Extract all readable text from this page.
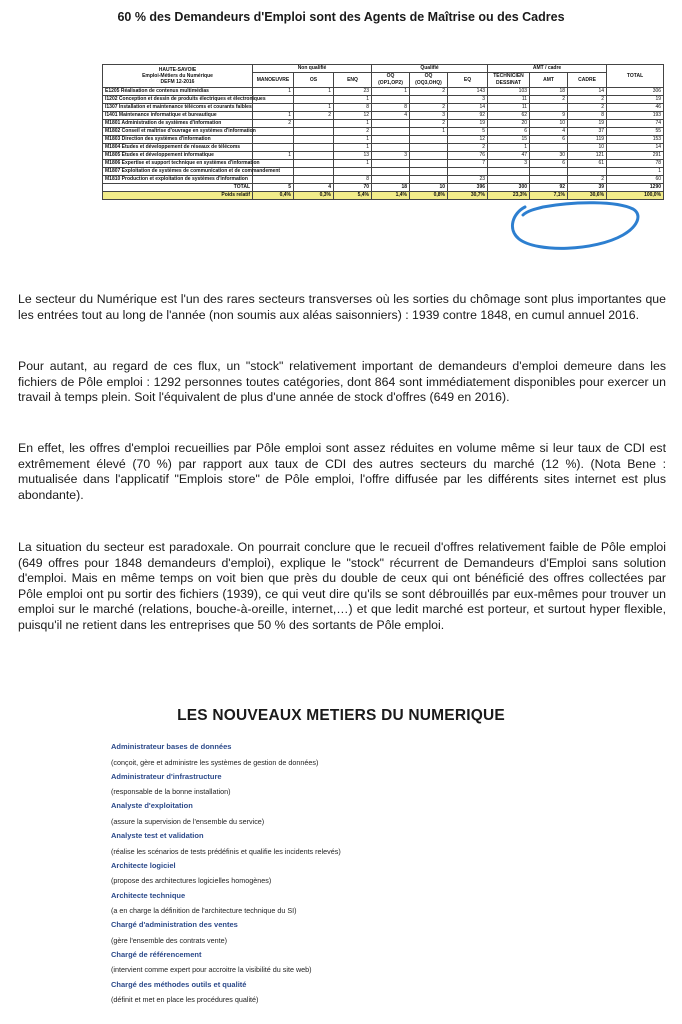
60 % des Demandeurs d'Emploi sont des Agents de Maîtrise ou des Cadres
HAUTE-SAVOIE
Emploi-Métiers du Numérique
DEFM 12-2016	Non qualifié			Qualifié			AMT / cadre			TOTAL
	MANOEUVRE	OS	ENQ	OQ (OP1,OP2)	OQ (OQ3,OHQ)	EQ	TECHNICIEN DESSINAT	AMT	CADRE	
E1205 Réalisation de contenus multimédias	1	1	23	1	2	143	103	18	14	306
I1202 Conception et dessin de produits électriques et électroniques			1			3	11	2	2	19
I1307 Installation et maintenance télécoms et courants faibles		1	8	8	2	14	11		2	46
I1401 Maintenance informatique et bureautique	1	2	12	4	3	92	62	9	8	193
M1801 Administration de systèmes d'information	2		1		2	19	20	10	19	74
M1802 Conseil et maîtrise d'ouvrage en systèmes d'information			2		1	5	6	4	37	55
M1803 Direction des systèmes d'information			1			12	15	6	119	153
M1804 Études et développement de réseaux de télécoms			1			2	1		10	14
M1805 Études et développement informatique	1		13	3		76	47	30	121	291
M1806 Expertise et support technique en systèmes d'information			1			7	3	6	61	78
M1807 Exploitation de systèmes de communication et de commandement										1
M1810 Production et exploitation de systèmes d'information			8			23			2	60
TOTAL	5	4	70	18	10	396	300	92	39	1290
Poids relatif	0,4%	0,3%	5,4%	1,4%	0,8%	30,7%	23,3%	7,1%	30,6%	100,0%
Le secteur du Numérique est l'un des rares secteurs transverses où les sorties du chômage sont plus importantes que les entrées tout au long de l'année (non soumis aux aléas saisonniers) : 1939 contre 1848, en cumul annuel 2016.
Pour autant, au regard de ces flux, un "stock" relativement important de demandeurs d'emploi demeure dans les fichiers de Pôle emploi : 1292 personnes toutes catégories, dont 864 sont immédiatement disponibles pour exercer un travail à temps plein. Soit l'équivalent de plus d'une année de stock d'offres (649 en 2016).
En effet, les offres d'emploi recueillies par Pôle emploi sont assez réduites en volume même si leur taux de CDI est extrêmement élevé (70 %) par rapport aux taux de CDI des autres secteurs du marché (12 %). (Nota Bene : mutualisée dans l'applicatif "Emplois store" de Pôle emploi, l'offre diffusée par les différents sites internet est plus abondante).
La situation du secteur est paradoxale. On pourrait conclure que le recueil d'offres relativement faible de Pôle emploi (649 offres pour 1848 demandeurs d'emploi), explique le "stock" récurrent de Demandeurs d'Emploi sans solution d'emploi. Mais en même temps on voit bien que près du double de ceux qui ont bénéficié des offres collectées par Pôle emploi ont pu sortir des fichiers (1939), ce qui veut dire qu'ils se sont débrouillés par eux-mêmes pour trouver un emploi sur le marché (relations, bouche-à-oreille, internet,…) et que ledit marché est porteur, et surtout hyper flexible, puisqu'il ne retient dans les entreprises que 50 % des sortants de Pôle emploi.
LES NOUVEAUX METIERS DU NUMERIQUE
Administrateur bases de données
(conçoit, gère et administre les systèmes de gestion de données)
Administrateur d'infrastructure
(responsable de la bonne installation)
Analyste d'exploitation
(assure la supervision de l'ensemble du service)
Analyste test et validation
(réalise les scénarios de tests prédéfinis et qualifie les incidents relevés)
Architecte logiciel
(propose des architectures logicielles homogènes)
Architecte technique
(a en charge la définition de l'architecture technique du SI)
Chargé d'administration des ventes
(gère l'ensemble des contrats vente)
Chargé de référencement
(intervient comme expert pour accroitre la visibilité du site web)
Chargé des méthodes outils et qualité
(définit et met en place les procédures qualité)
